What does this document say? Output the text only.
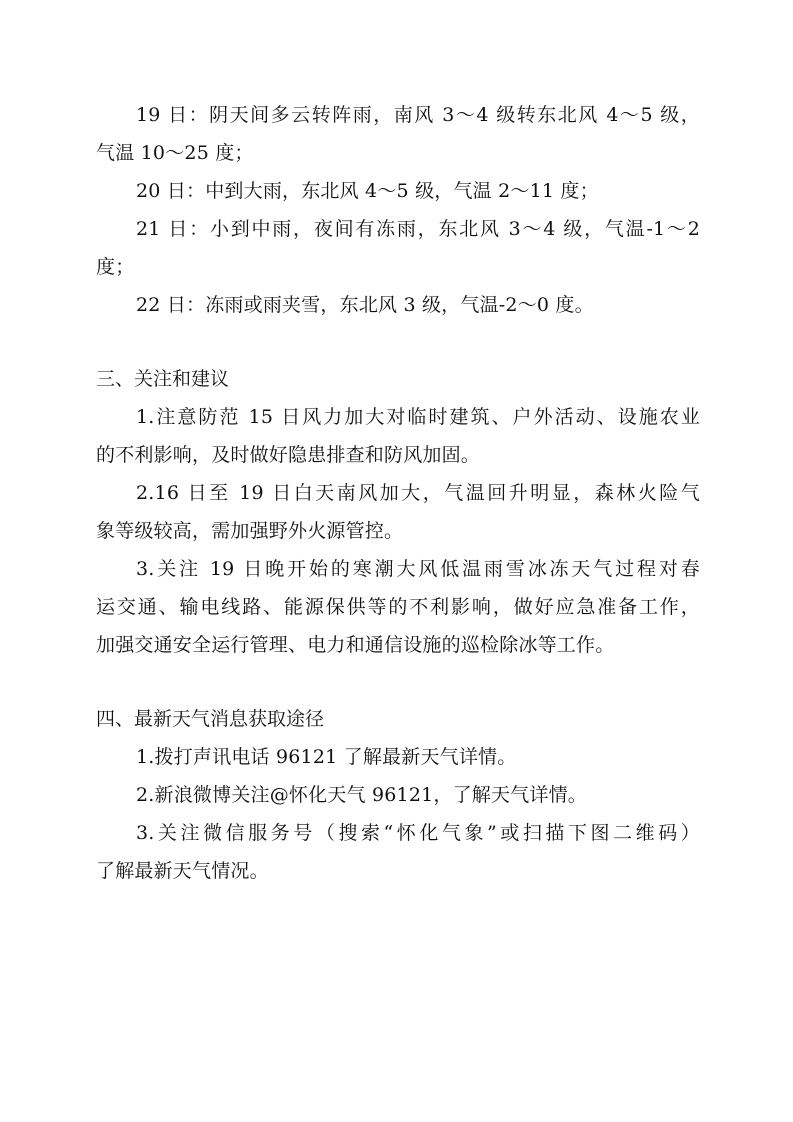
19 日：阴天间多云转阵雨，南风 3～4 级转东北风 4～5 级，
气温 10～25 度；
20 日：中到大雨，东北风 4～5 级，气温 2～11 度；
21 日：小到中雨，夜间有冻雨，东北风 3～4 级，气温-1～2
度；
22 日：冻雨或雨夹雪，东北风 3 级，气温-2～0 度。
三、关注和建议
1.注意防范 15 日风力加大对临时建筑、户外活动、设施农业
的不利影响，及时做好隐患排查和防风加固。
2.16 日至 19 日白天南风加大，气温回升明显，森林火险气
象等级较高，需加强野外火源管控。
3.关注 19 日晚开始的寒潮大风低温雨雪冰冻天气过程对春
运交通、输电线路、能源保供等的不利影响，做好应急准备工作，
加强交通安全运行管理、电力和通信设施的巡检除冰等工作。
四、最新天气消息获取途径
1.拨打声讯电话 96121 了解最新天气详情。
2.新浪微博关注@怀化天气 96121，了解天气详情。
3.关注微信服务号（搜索“怀化气象”或扫描下图二维码）
了解最新天气情况。
